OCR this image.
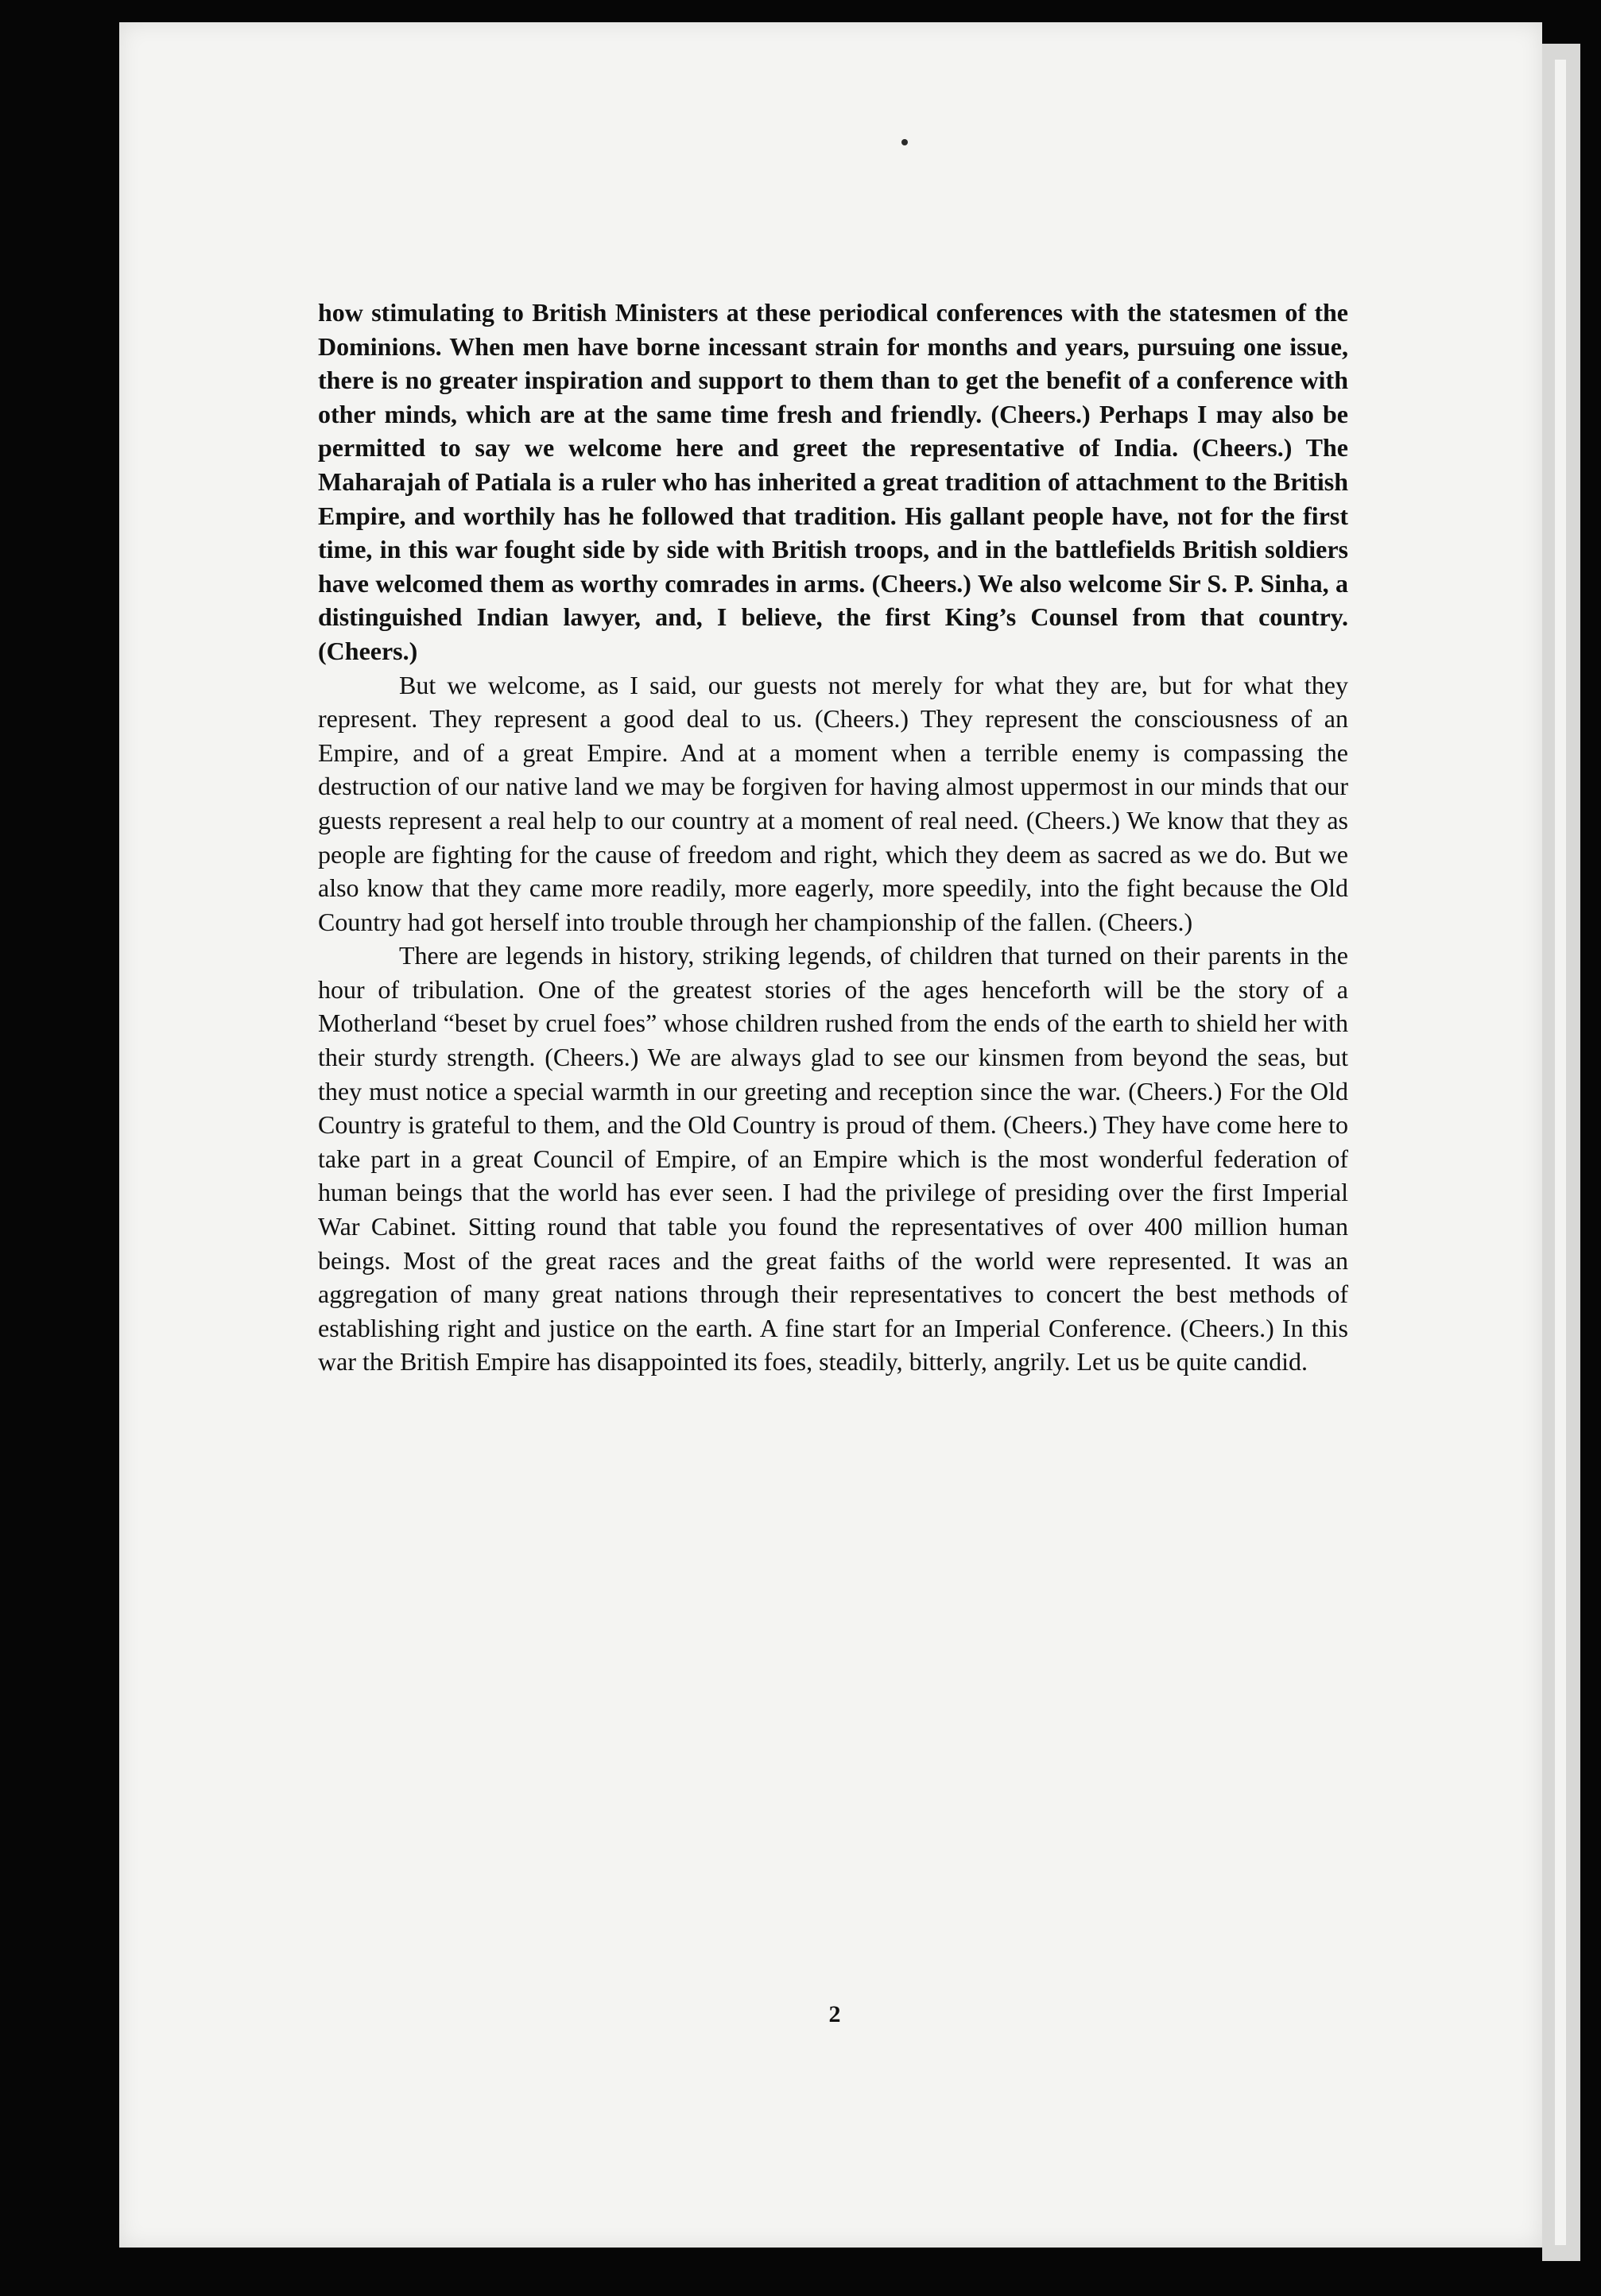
how stimulating to British Ministers at these periodical conferences with the statesmen of the Dominions. When men have borne incessant strain for months and years, pursuing one issue, there is no greater inspiration and support to them than to get the benefit of a conference with other minds, which are at the same time fresh and friendly. (Cheers.) Perhaps I may also be permitted to say we welcome here and greet the representative of India. (Cheers.) The Maharajah of Patiala is a ruler who has inherited a great tradition of attachment to the British Empire, and worthily has he followed that tradition. His gallant people have, not for the first time, in this war fought side by side with British troops, and in the battlefields British soldiers have welcomed them as worthy comrades in arms. (Cheers.) We also welcome Sir S. P. Sinha, a distinguished Indian lawyer, and, I believe, the first King’s Counsel from that country. (Cheers.)

But we welcome, as I said, our guests not merely for what they are, but for what they represent. They represent a good deal to us. (Cheers.) They represent the consciousness of an Empire, and of a great Empire. And at a moment when a terrible enemy is compassing the destruction of our native land we may be forgiven for having almost uppermost in our minds that our guests represent a real help to our country at a moment of real need. (Cheers.) We know that they as people are fighting for the cause of freedom and right, which they deem as sacred as we do. But we also know that they came more readily, more eagerly, more speedily, into the fight because the Old Country had got herself into trouble through her championship of the fallen. (Cheers.)

There are legends in history, striking legends, of children that turned on their parents in the hour of tribulation. One of the greatest stories of the ages henceforth will be the story of a Motherland “beset by cruel foes” whose children rushed from the ends of the earth to shield her with their sturdy strength. (Cheers.) We are always glad to see our kinsmen from beyond the seas, but they must notice a special warmth in our greeting and reception since the war. (Cheers.) For the Old Country is grateful to them, and the Old Country is proud of them. (Cheers.) They have come here to take part in a great Council of Empire, of an Empire which is the most wonderful federation of human beings that the world has ever seen. I had the privilege of presiding over the first Imperial War Cabinet. Sitting round that table you found the representatives of over 400 million human beings. Most of the great races and the great faiths of the world were represented. It was an aggregation of many great nations through their representatives to concert the best methods of establishing right and justice on the earth. A fine start for an Imperial Conference. (Cheers.) In this war the British Empire has disappointed its foes, steadily, bitterly, angrily. Let us be quite candid.

2
